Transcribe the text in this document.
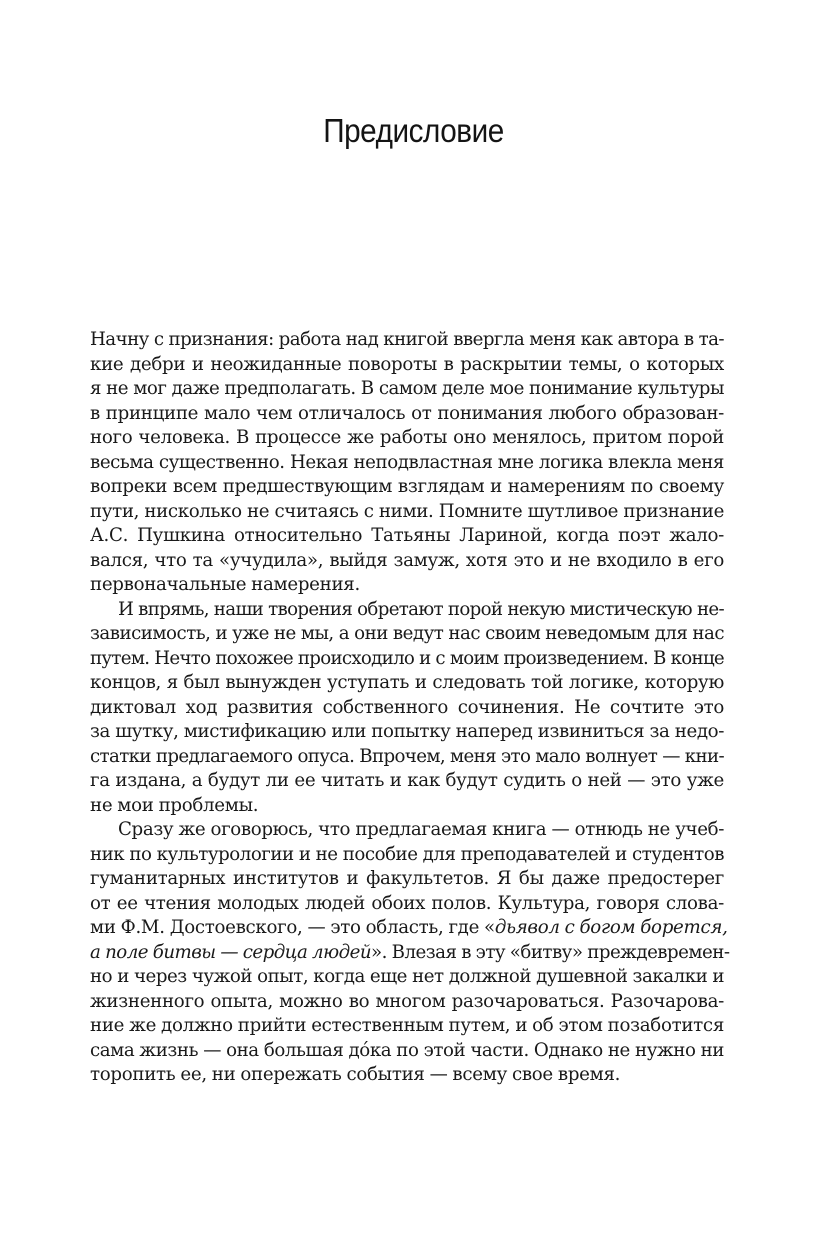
Предисловие
Начну с признания: работа над книгой ввергла меня как автора в та-
кие дебри и неожиданные повороты в раскрытии темы, о которых
я не мог даже предполагать. В самом деле мое понимание культуры
в принципе мало чем отличалось от понимания любого образован-
ного человека. В процессе же работы оно менялось, притом порой
весьма существенно. Некая неподвластная мне логика влекла меня
вопреки всем предшествующим взглядам и намерениям по своему
пути, нисколько не считаясь с ними. Помните шутливое признание
А.С. Пушкина относительно Татьяны Лариной, когда поэт жало-
вался, что та «учудила», выйдя замуж, хотя это и не входило в его
первоначальные намерения.
И впрямь, наши творения обретают порой некую мистическую не-
зависимость, и уже не мы, а они ведут нас своим неведомым для нас
путем. Нечто похожее происходило и с моим произведением. В конце
концов, я был вынужден уступать и следовать той логике, которую
диктовал ход развития собственного сочинения. Не сочтите это
за шутку, мистификацию или попытку наперед извиниться за недо-
статки предлагаемого опуса. Впрочем, меня это мало волнует — кни-
га издана, а будут ли ее читать и как будут судить о ней — это уже
не мои проблемы.
Сразу же оговорюсь, что предлагаемая книга — отнюдь не учеб-
ник по культурологии и не пособие для преподавателей и студентов
гуманитарных институтов и факультетов. Я бы даже предостерег
от ее чтения молодых людей обоих полов. Культура, говоря слова-
ми Ф.М. Достоевского, — это область, где «дьявол с богом борется,
а поле битвы — сердца людей». Влезая в эту «битву» преждевремен-
но и через чужой опыт, когда еще нет должной душевной закалки и
жизненного опыта, можно во многом разочароваться. Разочарова-
ние же должно прийти естественным путем, и об этом позаботится
сама жизнь — она большая до́ка по этой части. Однако не нужно ни
торопить ее, ни опережать события — всему свое время.
